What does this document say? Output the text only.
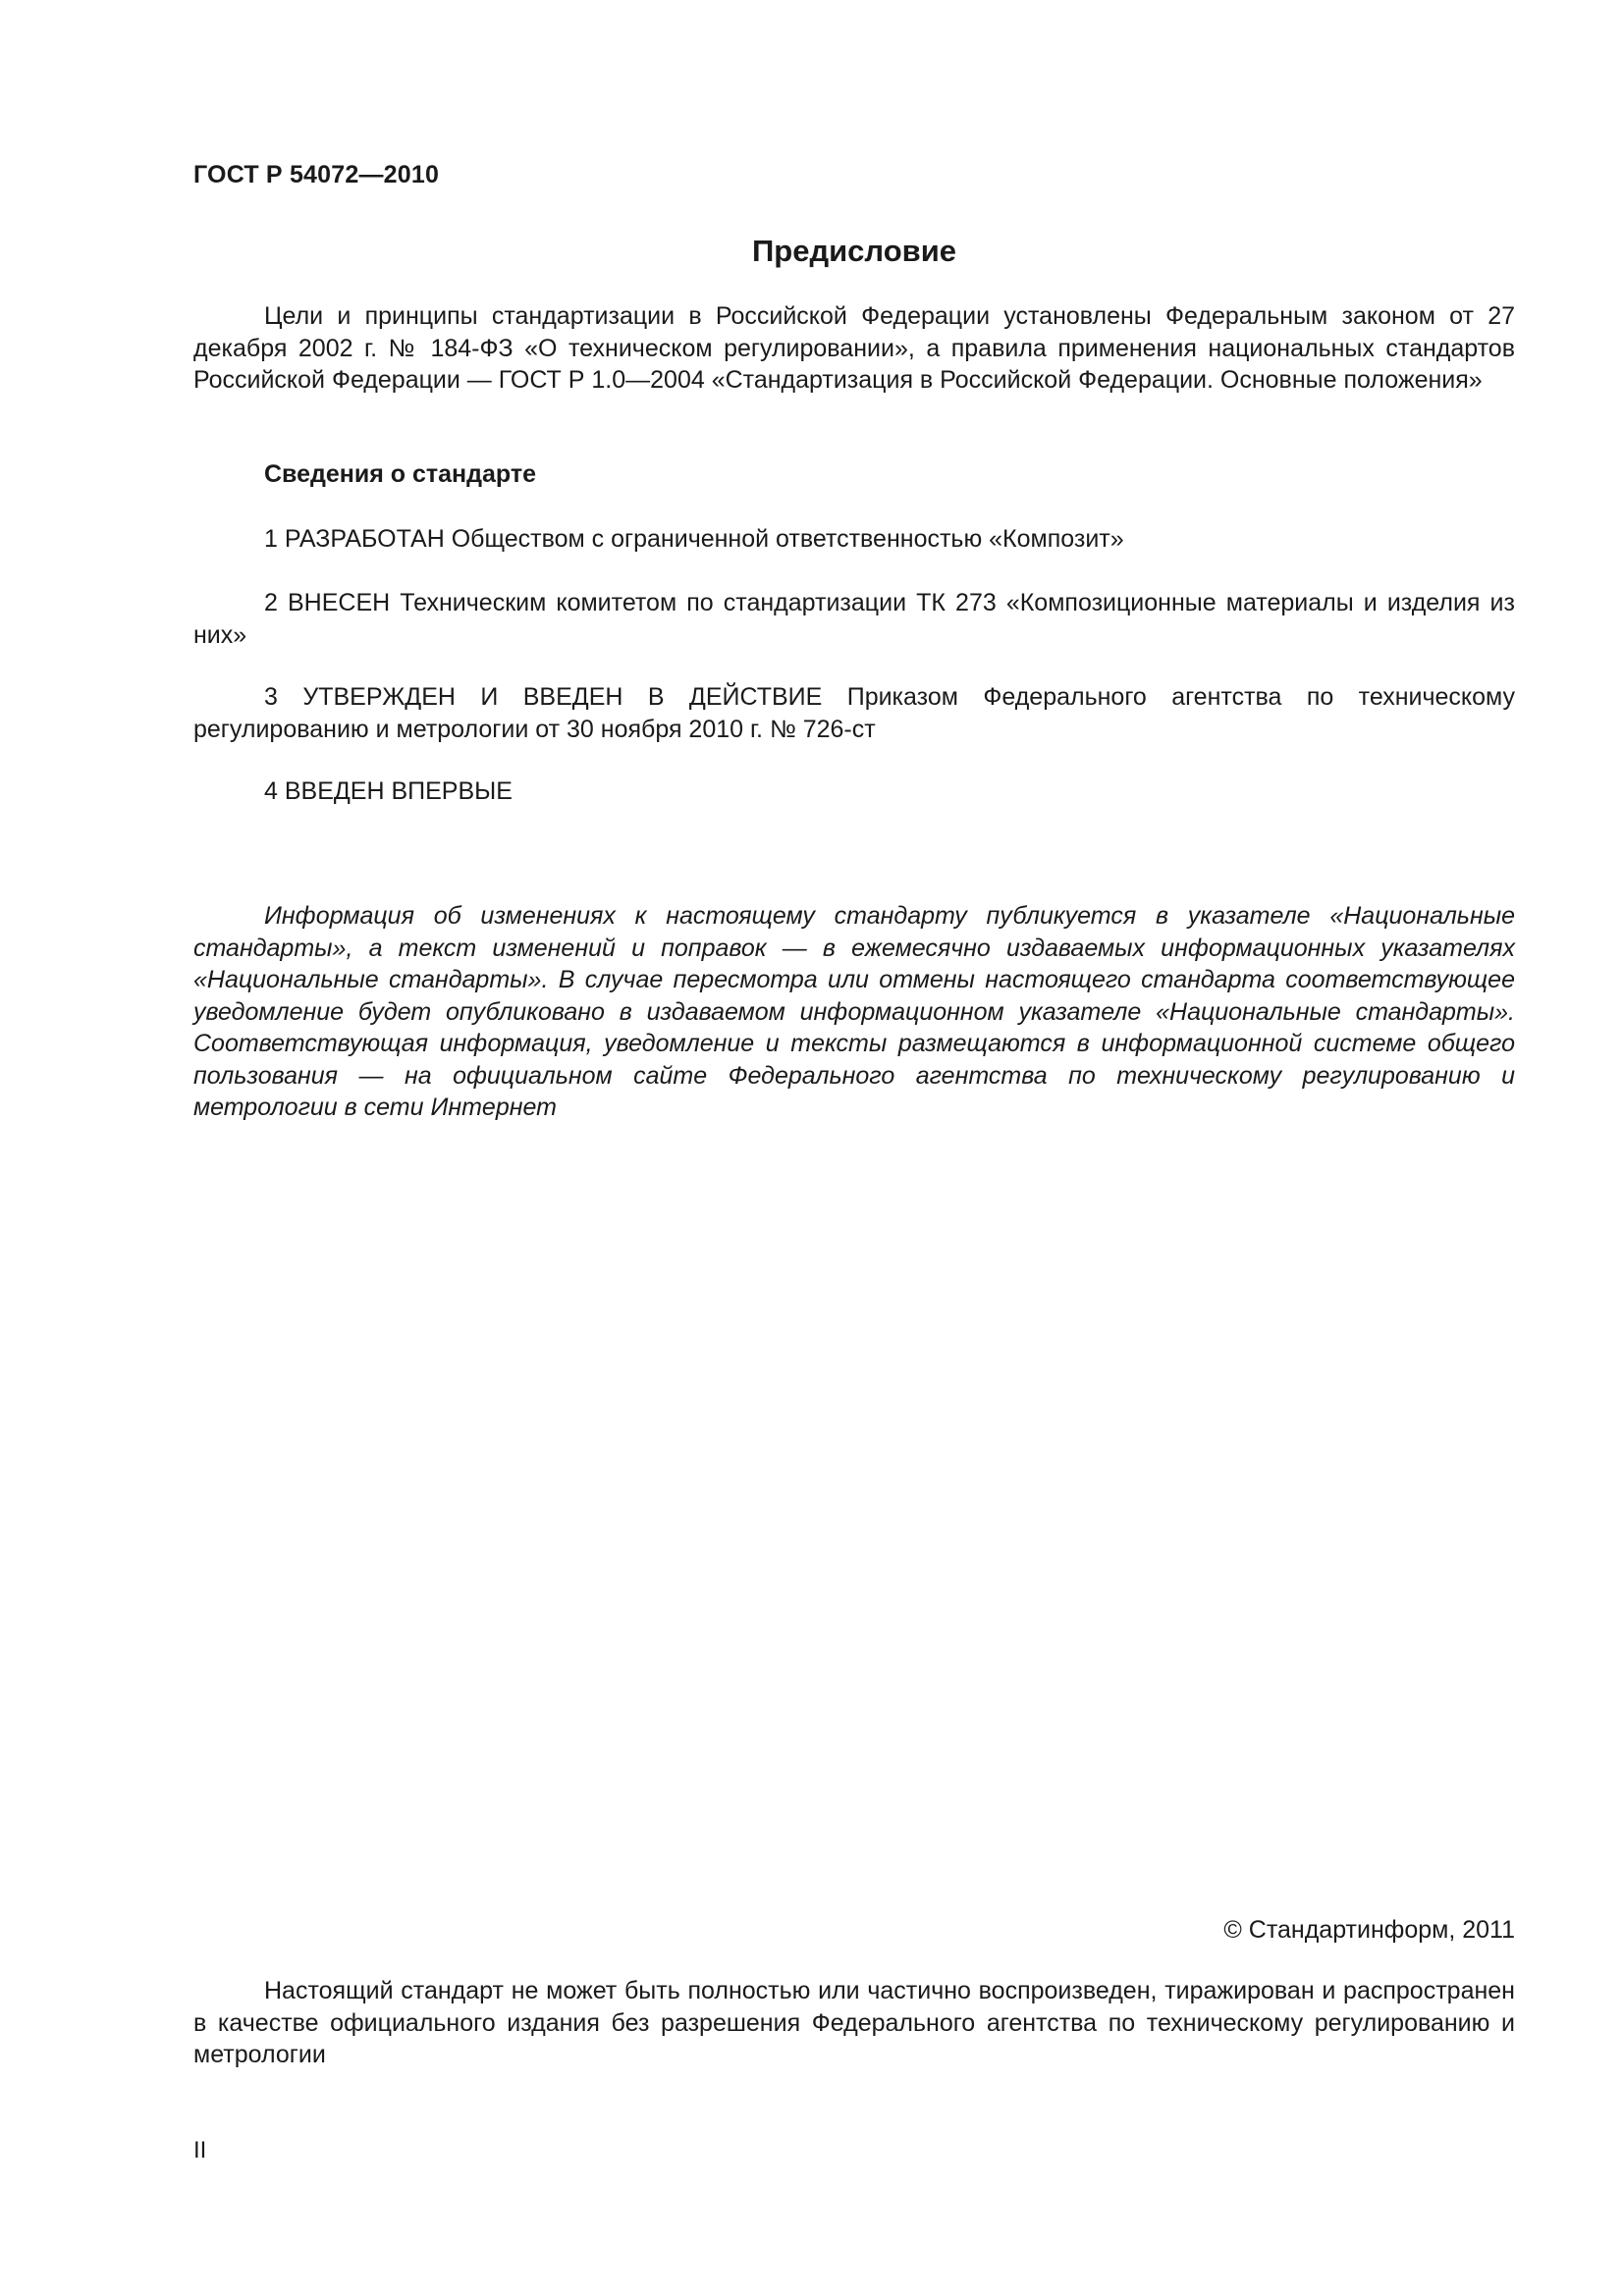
ГОСТ Р 54072—2010
Предисловие

Цели и принципы стандартизации в Российской Федерации установлены Федеральным законом от 27 декабря 2002 г. № 184-ФЗ «О техническом регулировании», а правила применения национальных стандартов Российской Федерации — ГОСТ Р 1.0—2004 «Стандартизация в Российской Федерации. Основные положения»

Сведения о стандарте

1 РАЗРАБОТАН Обществом с ограниченной ответственностью «Композит»

2 ВНЕСЕН Техническим комитетом по стандартизации ТК 273 «Композиционные материалы и изделия из них»

3 УТВЕРЖДЕН И ВВЕДЕН В ДЕЙСТВИЕ Приказом Федерального агентства по техническому регулированию и метрологии от 30 ноября 2010 г. № 726-ст

4 ВВЕДЕН ВПЕРВЫЕ

Информация об изменениях к настоящему стандарту публикуется в указателе «Национальные стандарты», а текст изменений и поправок — в ежемесячно издаваемых информационных указателях «Национальные стандарты». В случае пересмотра или отмены настоящего стандарта соответствующее уведомление будет опубликовано в издаваемом информационном указателе «Национальные стандарты». Соответствующая информация, уведомление и тексты размещаются в информационной системе общего пользования — на официальном сайте Федерального агентства по техническому регулированию и метрологии в сети Интернет

© Стандартинформ, 2011

Настоящий стандарт не может быть полностью или частично воспроизведен, тиражирован и распространен в качестве официального издания без разрешения Федерального агентства по техническому регулированию и метрологии

II
